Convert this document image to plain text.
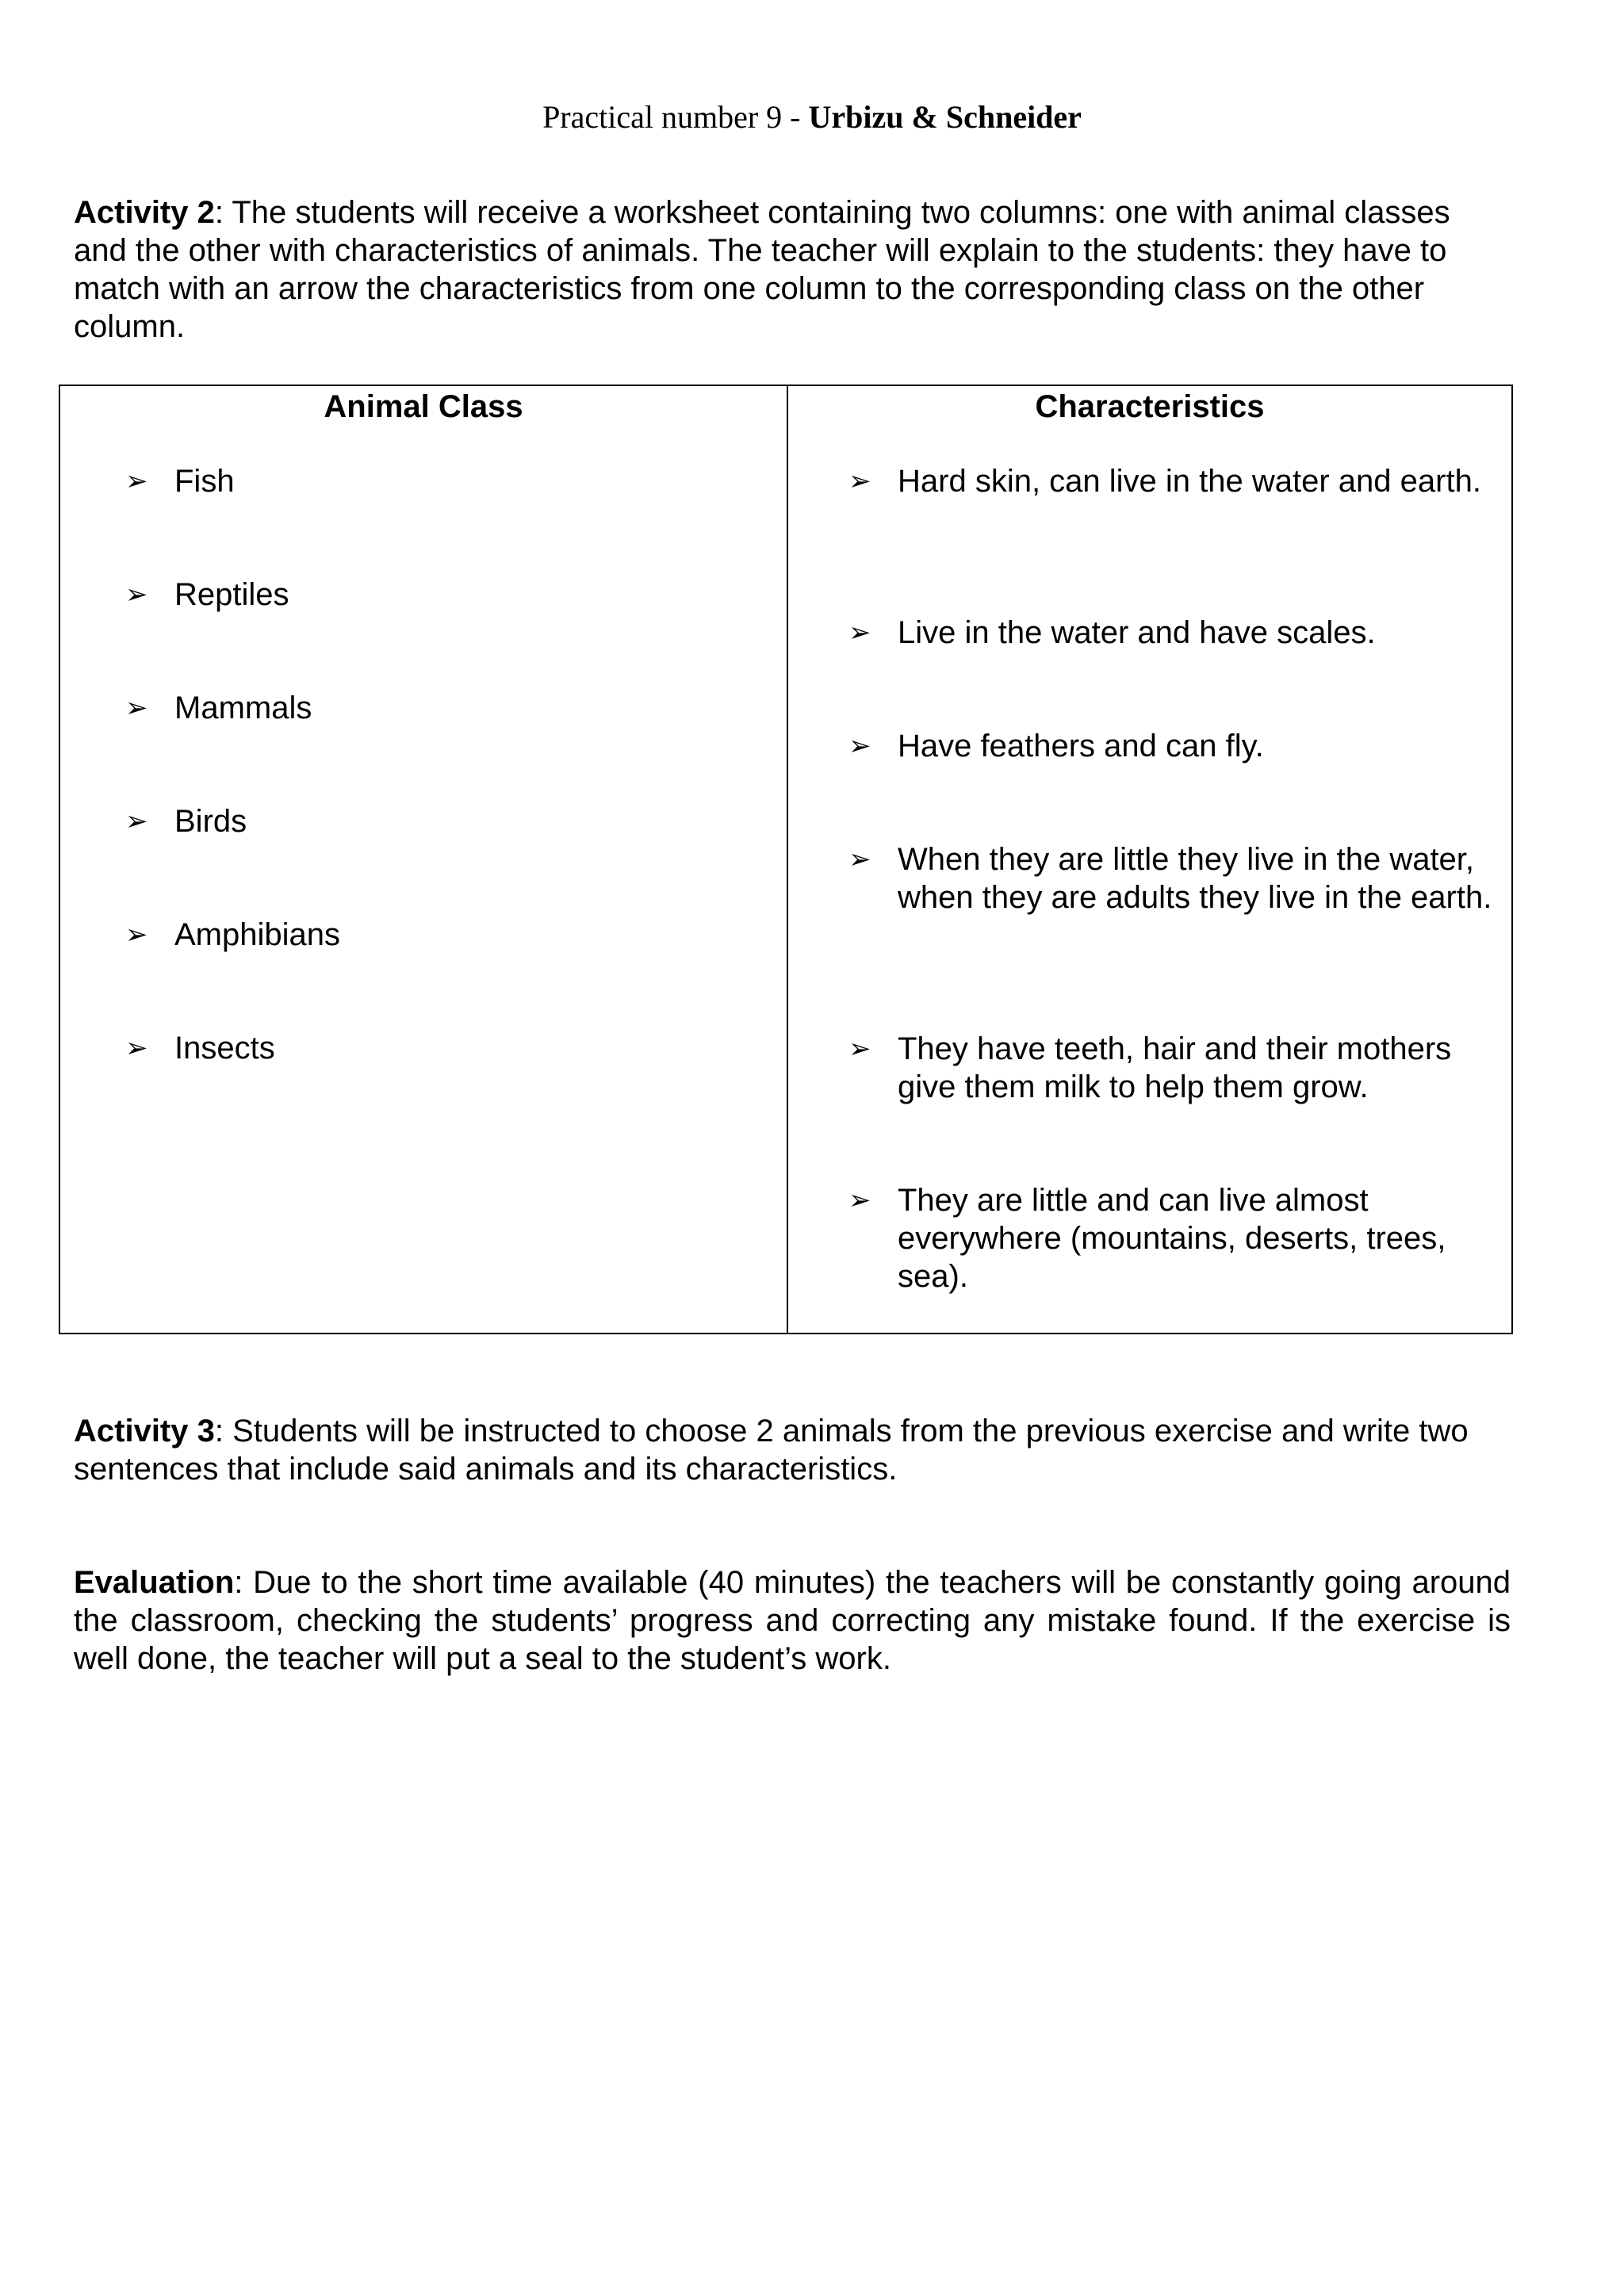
Practical number 9 - Urbizu & Schneider
Activity 2: The students will receive a worksheet containing two columns: one with animal classes and the other with characteristics of animals. The teacher will explain to the students: they have to match with an arrow the characteristics from one column to the corresponding class on the other column.
Animal Class	Characteristics
➢ Fish
➢ Reptiles
➢ Mammals
➢ Birds
➢ Amphibians
➢ Insects
➢ Hard skin, can live in the water and earth.
➢ Live in the water and have scales.
➢ Have feathers and can fly.
➢ When they are little they live in the water, when they are adults they live in the earth.
➢ They have teeth, hair and their mothers give them milk to help them grow.
➢ They are little and can live almost everywhere (mountains, deserts, trees, sea).
Activity 3: Students will be instructed to choose 2 animals from the previous exercise and write two sentences that include said animals and its characteristics.
Evaluation: Due to the short time available (40 minutes) the teachers will be constantly going around the classroom, checking the students’ progress and correcting any mistake found. If the exercise is well done, the teacher will put a seal to the student’s work.
